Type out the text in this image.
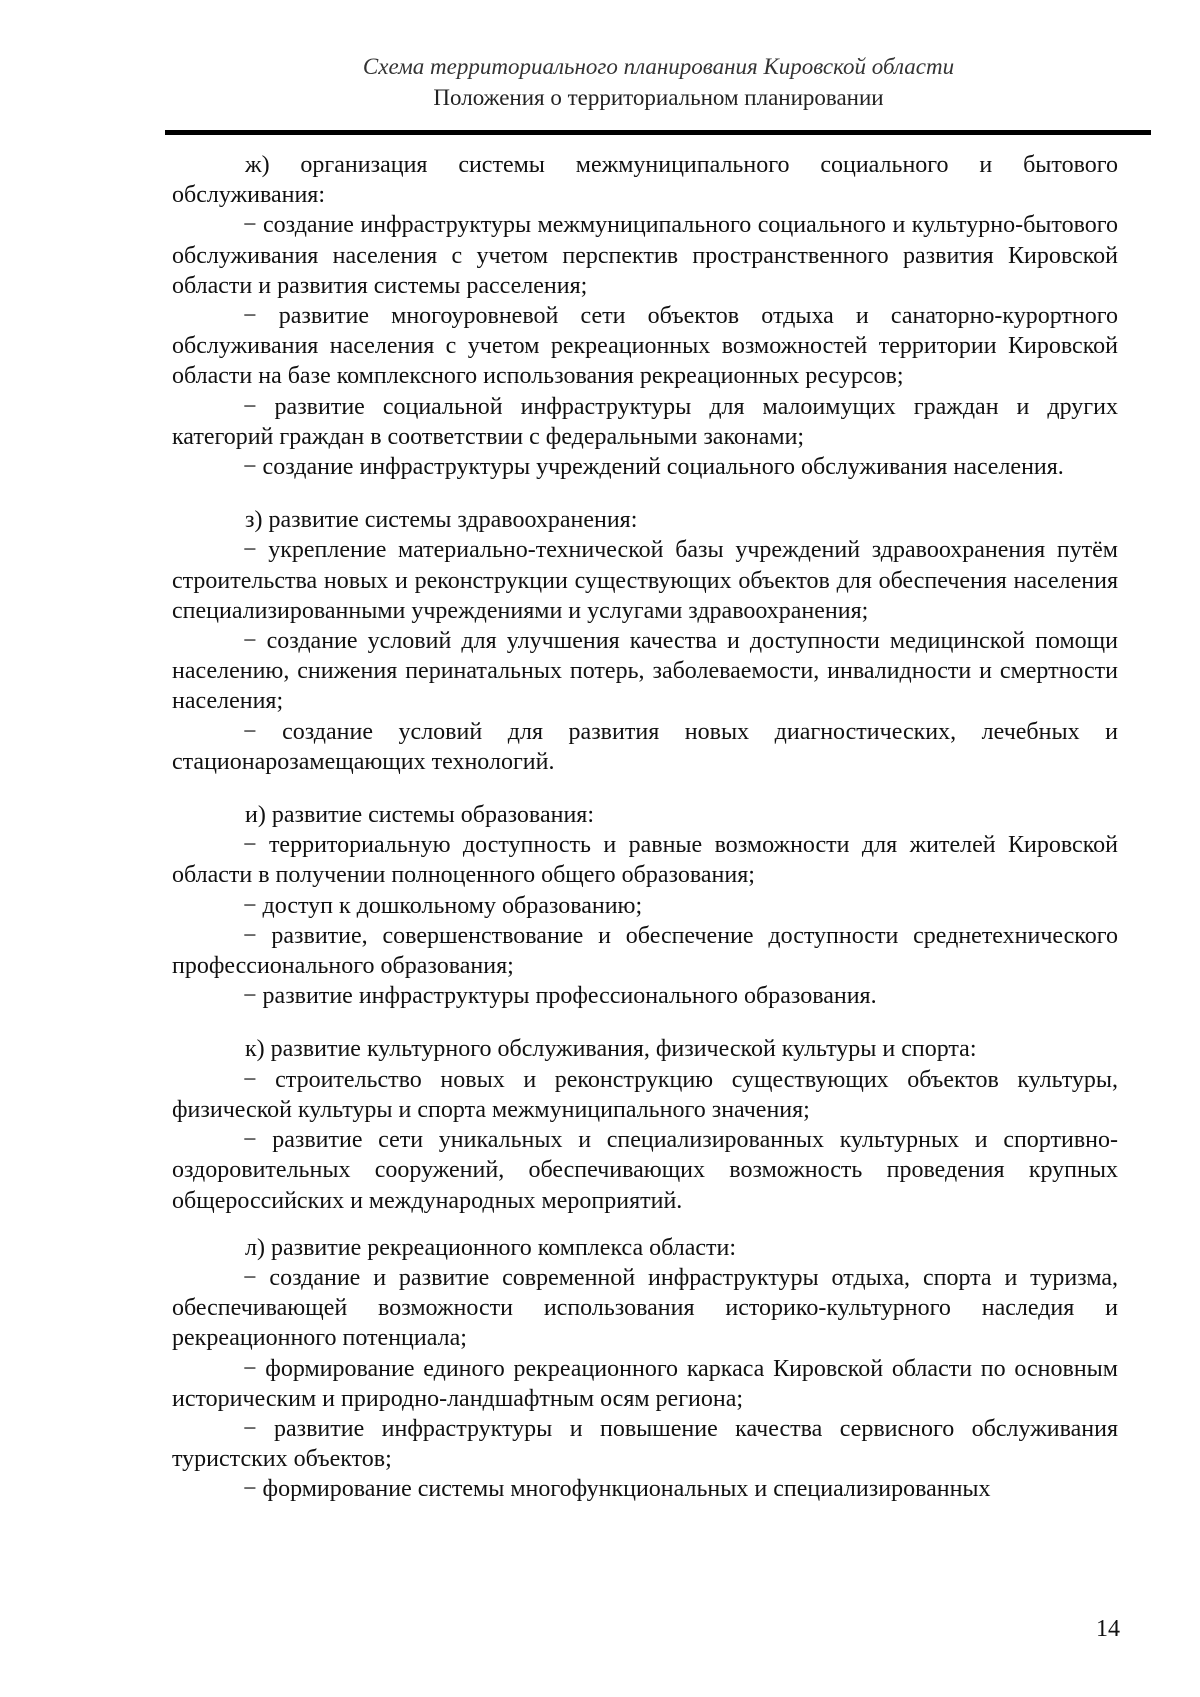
Схема территориального планирования Кировской области
Положения о территориальном планировании

ж) организация системы межмуниципального социального и бытового обслуживания:

− создание инфраструктуры межмуниципального социального и культурно-бытового обслуживания населения с учетом перспектив пространственного развития Кировской области и развития системы расселения;

− развитие многоуровневой сети объектов отдыха и санаторно-курортного обслуживания населения с учетом рекреационных возможностей территории Кировской области на базе комплексного использования рекреационных ресурсов;

− развитие социальной инфраструктуры для малоимущих граждан и других категорий граждан в соответствии с федеральными законами;

− создание инфраструктуры учреждений социального обслуживания населения.

з) развитие системы здравоохранения:

− укрепление материально-технической базы учреждений здравоохранения путём строительства новых и реконструкции существующих объектов для обеспечения населения специализированными учреждениями и услугами здравоохранения;

− создание условий для улучшения качества и доступности медицинской помощи населению, снижения перинатальных потерь, заболеваемости, инвалидности и смертности населения;

− создание условий для развития новых диагностических, лечебных и стационарозамещающих технологий.

и) развитие системы образования:

− территориальную доступность и равные возможности для жителей Кировской области в получении полноценного общего образования;

− доступ к дошкольному образованию;

− развитие, совершенствование и обеспечение доступности среднетехнического профессионального образования;

− развитие инфраструктуры профессионального образования.

к) развитие культурного обслуживания, физической культуры и спорта:

− строительство новых и реконструкцию существующих объектов культуры, физической культуры и спорта межмуниципального значения;

− развитие сети уникальных и специализированных культурных и спортивно-оздоровительных сооружений, обеспечивающих возможность проведения крупных общероссийских и международных мероприятий.

л) развитие рекреационного комплекса области:

− создание и развитие современной инфраструктуры отдыха, спорта и туризма, обеспечивающей возможности использования историко-культурного наследия и рекреационного потенциала;

− формирование единого рекреационного каркаса Кировской области по основным историческим и природно-ландшафтным осям региона;

− развитие инфраструктуры и повышение качества сервисного обслуживания туристских объектов;

− формирование системы многофункциональных и специализированных

14
